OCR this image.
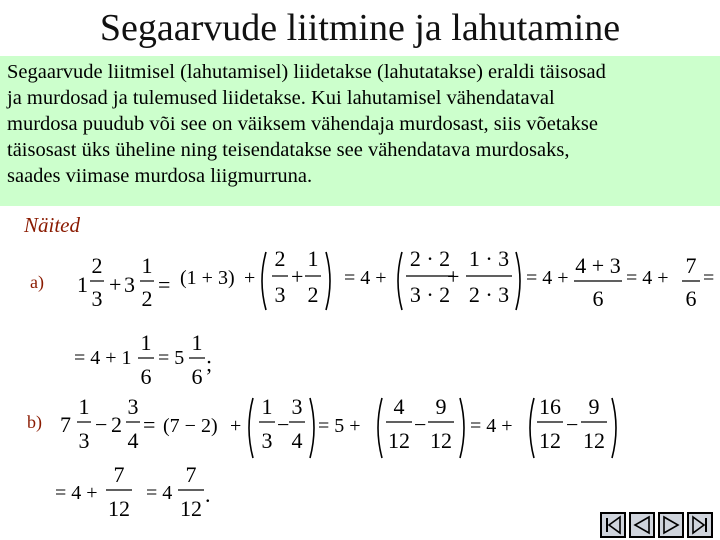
Segaarvude liitmine ja lahutamine
Segaarvude liitmisel (lahutamisel) liidetakse (lahutatakse) eraldi täisosad
ja murdosad ja tulemused liidetakse. Kui lahutamisel vähendataval
murdosa puudub või see on väiksem vähendaja murdosast, siis võetakse
täisosast üks üheline ning teisendatakse see vähendatava murdosaks,
saades viimase murdosa liigmurruna.
Näited
a)
b)
1
2
3
+ 3
1
2
= (1 + 3) +
2
3
+
1
2
= 4 +
2 · 2
3 · 2
+
1 · 3
2 · 3
= 4 + 4 + 3
6
= 4 + 7
6
=
= 4 + 1
1
6
= 5
1
6
;
7
1
3
− 2
3
4
= (7 − 2) +
1
3
−
3
4
= 5 +
4
12
−
9
12
= 4 +
16
12
−
9
12
= 4 +
7
12
= 4
7
12
.
